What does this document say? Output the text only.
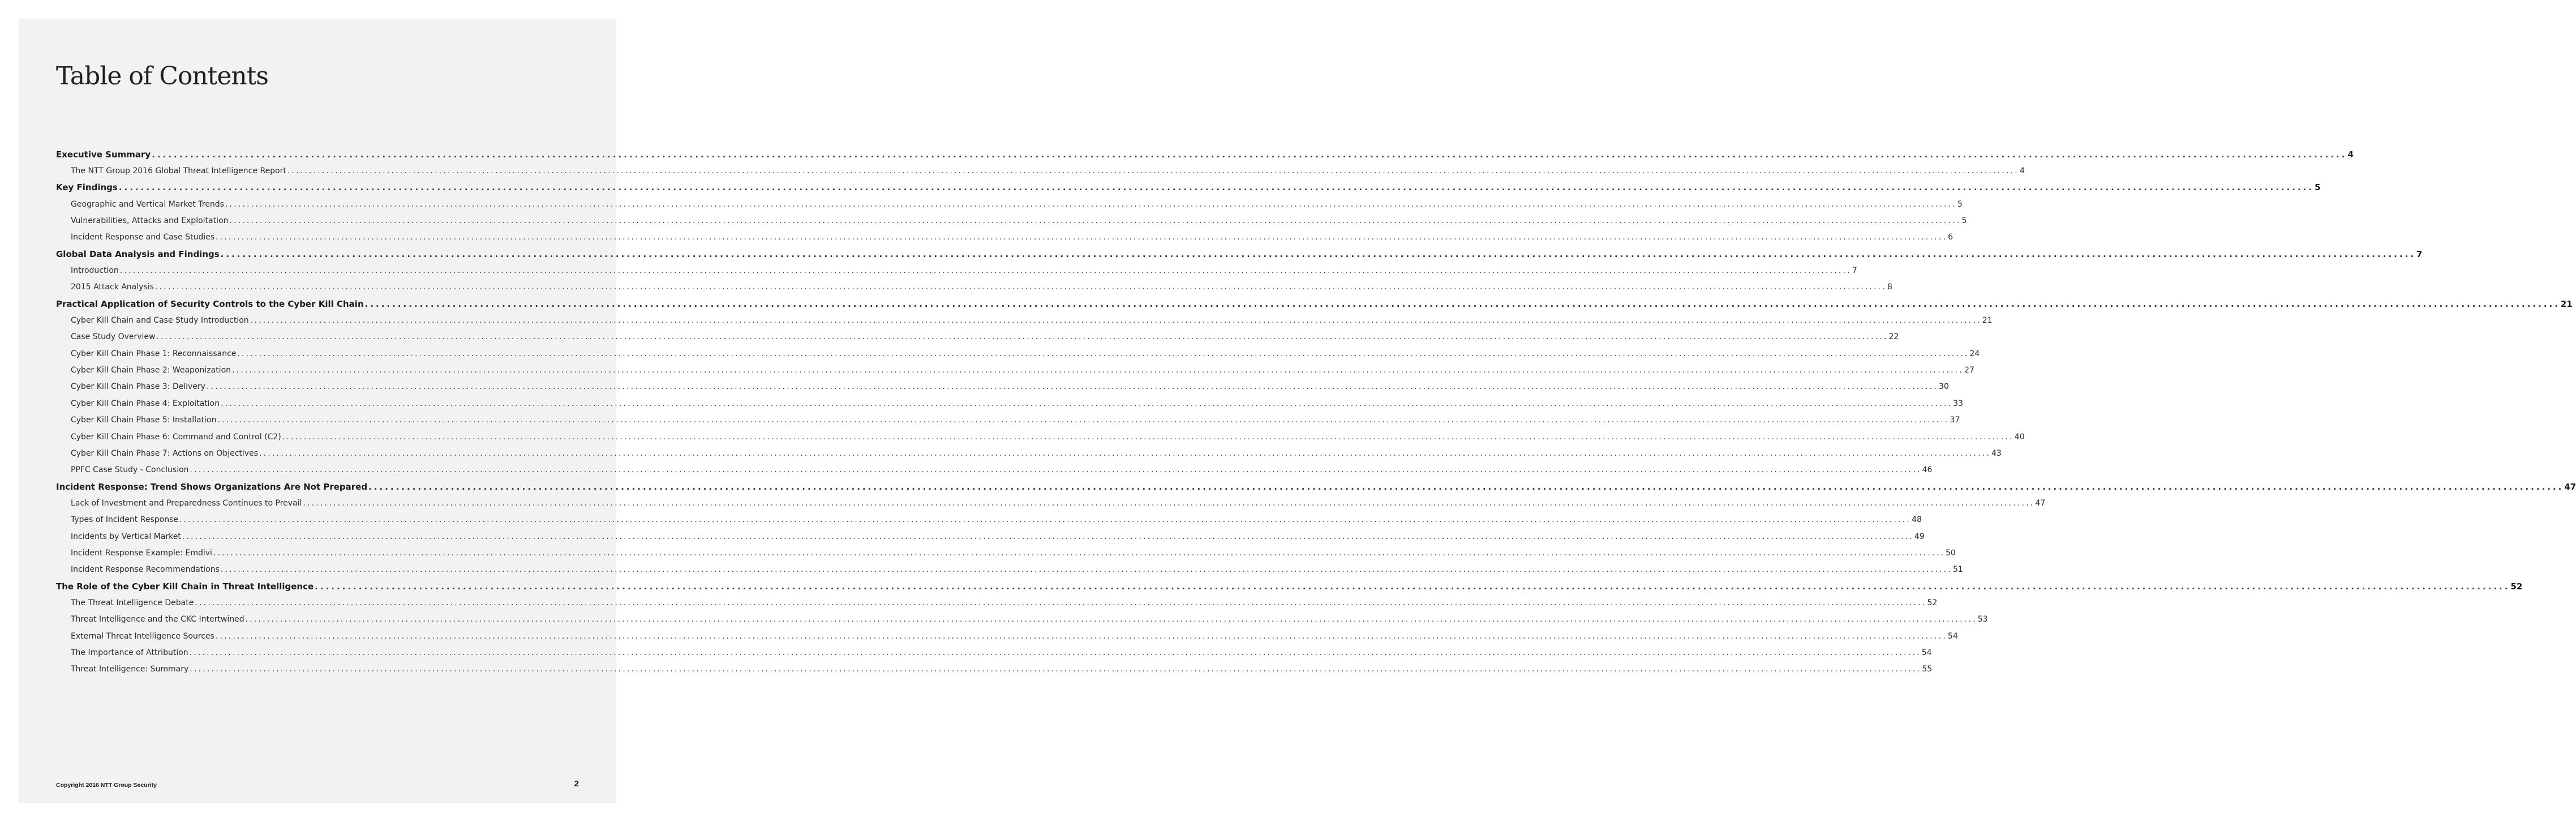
Table of Contents
Executive Summary ................................................................................................................................................................................................................................................................................................................................................................................................................ 4
The NTT Group 2016 Global Threat Intelligence Report ................................................................................................................................................................................................................................................................................................................................................................................................................ 4
Key Findings ................................................................................................................................................................................................................................................................................................................................................................................................................ 5
Geographic and Vertical Market Trends ................................................................................................................................................................................................................................................................................................................................................................................................................ 5
Vulnerabilities, Attacks and Exploitation ................................................................................................................................................................................................................................................................................................................................................................................................................ 5
Incident Response and Case Studies ................................................................................................................................................................................................................................................................................................................................................................................................................ 6
Global Data Analysis and Findings ................................................................................................................................................................................................................................................................................................................................................................................................................ 7
Introduction ................................................................................................................................................................................................................................................................................................................................................................................................................ 7
2015 Attack Analysis ................................................................................................................................................................................................................................................................................................................................................................................................................ 8
Practical Application of Security Controls to the Cyber Kill Chain ................................................................................................................................................................................................................................................................................................................................................................................................................ 21
Cyber Kill Chain and Case Study Introduction ................................................................................................................................................................................................................................................................................................................................................................................................................ 21
Case Study Overview ................................................................................................................................................................................................................................................................................................................................................................................................................ 22
Cyber Kill Chain Phase 1: Reconnaissance ................................................................................................................................................................................................................................................................................................................................................................................................................ 24
Cyber Kill Chain Phase 2: Weaponization ................................................................................................................................................................................................................................................................................................................................................................................................................ 27
Cyber Kill Chain Phase 3: Delivery ................................................................................................................................................................................................................................................................................................................................................................................................................ 30
Cyber Kill Chain Phase 4: Exploitation ................................................................................................................................................................................................................................................................................................................................................................................................................ 33
Cyber Kill Chain Phase 5: Installation ................................................................................................................................................................................................................................................................................................................................................................................................................ 37
Cyber Kill Chain Phase 6: Command and Control (C2) ................................................................................................................................................................................................................................................................................................................................................................................................................ 40
Cyber Kill Chain Phase 7: Actions on Objectives ................................................................................................................................................................................................................................................................................................................................................................................................................ 43
PPFC Case Study - Conclusion ................................................................................................................................................................................................................................................................................................................................................................................................................ 46
Incident Response: Trend Shows Organizations Are Not Prepared ................................................................................................................................................................................................................................................................................................................................................................................................................ 47
Lack of Investment and Preparedness Continues to Prevail ................................................................................................................................................................................................................................................................................................................................................................................................................ 47
Types of Incident Response ................................................................................................................................................................................................................................................................................................................................................................................................................ 48
Incidents by Vertical Market ................................................................................................................................................................................................................................................................................................................................................................................................................ 49
Incident Response Example: Emdivi ................................................................................................................................................................................................................................................................................................................................................................................................................ 50
Incident Response Recommendations ................................................................................................................................................................................................................................................................................................................................................................................................................ 51
The Role of the Cyber Kill Chain in Threat Intelligence ................................................................................................................................................................................................................................................................................................................................................................................................................ 52
The Threat Intelligence Debate ................................................................................................................................................................................................................................................................................................................................................................................................................ 52
Threat Intelligence and the CKC Intertwined ................................................................................................................................................................................................................................................................................................................................................................................................................ 53
External Threat Intelligence Sources ................................................................................................................................................................................................................................................................................................................................................................................................................ 54
The Importance of Attribution ................................................................................................................................................................................................................................................................................................................................................................................................................ 54
Threat Intelligence: Summary ................................................................................................................................................................................................................................................................................................................................................................................................................ 55
Copyright 2016 NTT Group Security	2
